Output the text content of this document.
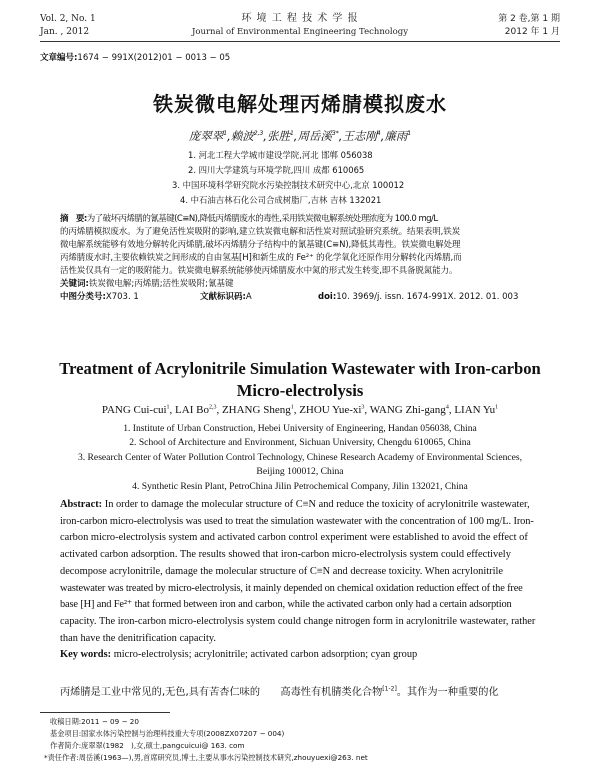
Vol. 2, No. 1
Jan. , 2012
环 境 工 程 技 术 学 报
Journal of Environmental Engineering Technology
第 2 卷,第 1 期
2012 年 1 月
文章编号:1674 − 991X(2012)01 − 0013 − 05
铁炭微电解处理丙烯腈模拟废水
庞翠翠$^1$,赖波$^{2,3}$,张胜$^1$,周岳溪$^{3*}$,王志刚$^4$,廉雨$^1$
1. 河北工程大学城市建设学院,河北 邯郸 056038
2. 四川大学建筑与环境学院,四川 成都 610065
3. 中国环境科学研究院水污染控制技术研究中心,北京 100012
4. 中石油吉林石化公司合成树脂厂,吉林 吉林 132021
摘　要:为了破坏丙烯腈的氰基键(C≡N),降低丙烯腈废水的毒性,采用铁炭微电解系统处理浓度为 100.0 mg/L
的丙烯腈模拟废水。为了避免活性炭吸附的影响,建立铁炭微电解和活性炭对照试验研究系统。结果表明,铁炭
微电解系统能够有效地分解转化丙烯腈,破坏丙烯腈分子结构中的氰基键(C≡N),降低其毒性。铁炭微电解处理
丙烯腈废水时,主要依赖铁炭之间形成的自由氢基[H]和新生成的 Fe²⁺ 的化学氧化还原作用分解转化丙烯腈,而
活性炭仅具有一定的吸附能力。铁炭微电解系统能够使丙烯腈废水中氮的形式发生转变,即不具备脱氮能力。
关键词:铁炭微电解;丙烯腈;活性炭吸附;氰基键
中图分类号:X703. 1	文献标识码:A	doi:10. 3969/j. issn. 1674-991X. 2012. 01. 003
Treatment of Acrylonitrile Simulation Wastewater with Iron-carbon
Micro-electrolysis
PANG Cui-cui$^1$, LAI Bo$^{2,3}$, ZHANG Sheng$^1$, ZHOU Yue-$xi^3$, WANG Zhi-gang$^4$, LIAN Yu$^1$
1. Institute of Urban Construction, Hebei University of Engineering, Handan 056038, China
2. School of Architecture and Environment, Sichuan University, Chengdu 610065, China
3. Research Center of Water Pollution Control Technology, Chinese Research Academy of Environmental Sciences,
Beijing 100012, China
4. Synthetic Resin Plant, PetroChina Jilin Petrochemical Company, Jilin 132021, China
Abstract: In order to damage the molecular structure of C≡N and reduce the toxicity of acrylonitrile wastewater,
iron-carbon micro-electrolysis was used to treat the simulation wastewater with the concentration of 100 mg/L. Iron-
carbon micro-electrolysis system and activated carbon control experiment were established to avoid the effect of
activated carbon adsorption. The results showed that iron-carbon micro-electrolysis system could effectively
decompose acrylonitrile, damage the molecular structure of C≡N and decrease toxicity. When acrylonitrile
wastewater was treated by micro-electrolysis, it mainly depended on chemical oxidation reduction effect of the free
base [H] and Fe²⁺ that formed between iron and carbon, while the activated carbon only had a certain adsorption
capacity. The iron-carbon micro-electrolysis system could change nitrogen form in acrylonitrile wastewater, rather
than have the denitrification capacity.
Key words: micro-electrolysis; acrylonitrile; activated carbon adsorption; cyan group
丙烯腈是工业中常见的,无色,具有苦杏仁味的　　高毒性有机腈类化合物[1-2]。其作为一种重要的化
收稿日期:2011 − 09 − 20
基金项目:国家水体污染控制与治理科技重大专项(2008ZX07207 − 004)
作者简介:庞翠翠(1982　),女,硕士,pangcuicui@ 163. com
*责任作者:周岳溪(1963—),男,首席研究员,博士,主要从事水污染控制技术研究,zhouyuexi@263. net
